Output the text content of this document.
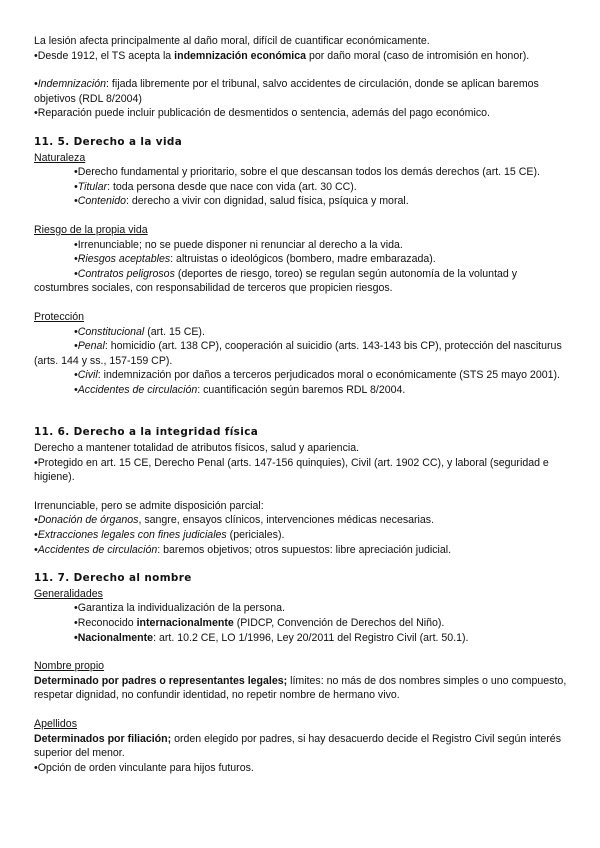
La lesión afecta principalmente al daño moral, difícil de cuantificar económicamente.

•Desde 1912, el TS acepta la indemnización económica por daño moral (caso de intromisión en honor).

•Indemnización: fijada libremente por el tribunal, salvo accidentes de circulación, donde se aplican baremos objetivos (RDL 8/2004)

•Reparación puede incluir publicación de desmentidos o sentencia, además del pago económico.

11. 5. Derecho a la vida

Naturaleza

•Derecho fundamental y prioritario, sobre el que descansan todos los demás derechos (art. 15 CE).

•Titular: toda persona desde que nace con vida (art. 30 CC).

•Contenido: derecho a vivir con dignidad, salud física, psíquica y moral.

Riesgo de la propia vida

•Irrenunciable; no se puede disponer ni renunciar al derecho a la vida.

•Riesgos aceptables: altruistas o ideológicos (bombero, madre embarazada).

•Contratos peligrosos (deportes de riesgo, toreo) se regulan según autonomía de la voluntad y costumbres sociales, con responsabilidad de terceros que propicien riesgos.

Protección

•Constitucional (art. 15 CE).

•Penal: homicidio (art. 138 CP), cooperación al suicidio (arts. 143-143 bis CP), protección del nasciturus (arts. 144 y ss., 157-159 CP).

•Civil: indemnización por daños a terceros perjudicados moral o económicamente (STS 25 mayo 2001).

•Accidentes de circulación: cuantificación según baremos RDL 8/2004.

11. 6. Derecho a la integridad física

Derecho a mantener totalidad de atributos físicos, salud y apariencia.

•Protegido en art. 15 CE, Derecho Penal (arts. 147-156 quinquies), Civil (art. 1902 CC), y laboral (seguridad e higiene).

Irrenunciable, pero se admite disposición parcial:

•Donación de órganos, sangre, ensayos clínicos, intervenciones médicas necesarias.

•Extracciones legales con fines judiciales (periciales).

•Accidentes de circulación: baremos objetivos; otros supuestos: libre apreciación judicial.

11. 7. Derecho al nombre

Generalidades

•Garantiza la individualización de la persona.

•Reconocido internacionalmente (PIDCP, Convención de Derechos del Niño).

•Nacionalmente: art. 10.2 CE, LO 1/1996, Ley 20/2011 del Registro Civil (art. 50.1).

Nombre propio

Determinado por padres o representantes legales; límites: no más de dos nombres simples o uno compuesto, respetar dignidad, no confundir identidad, no repetir nombre de hermano vivo.

Apellidos

Determinados por filiación; orden elegido por padres, si hay desacuerdo decide el Registro Civil según interés superior del menor.

•Opción de orden vinculante para hijos futuros.
